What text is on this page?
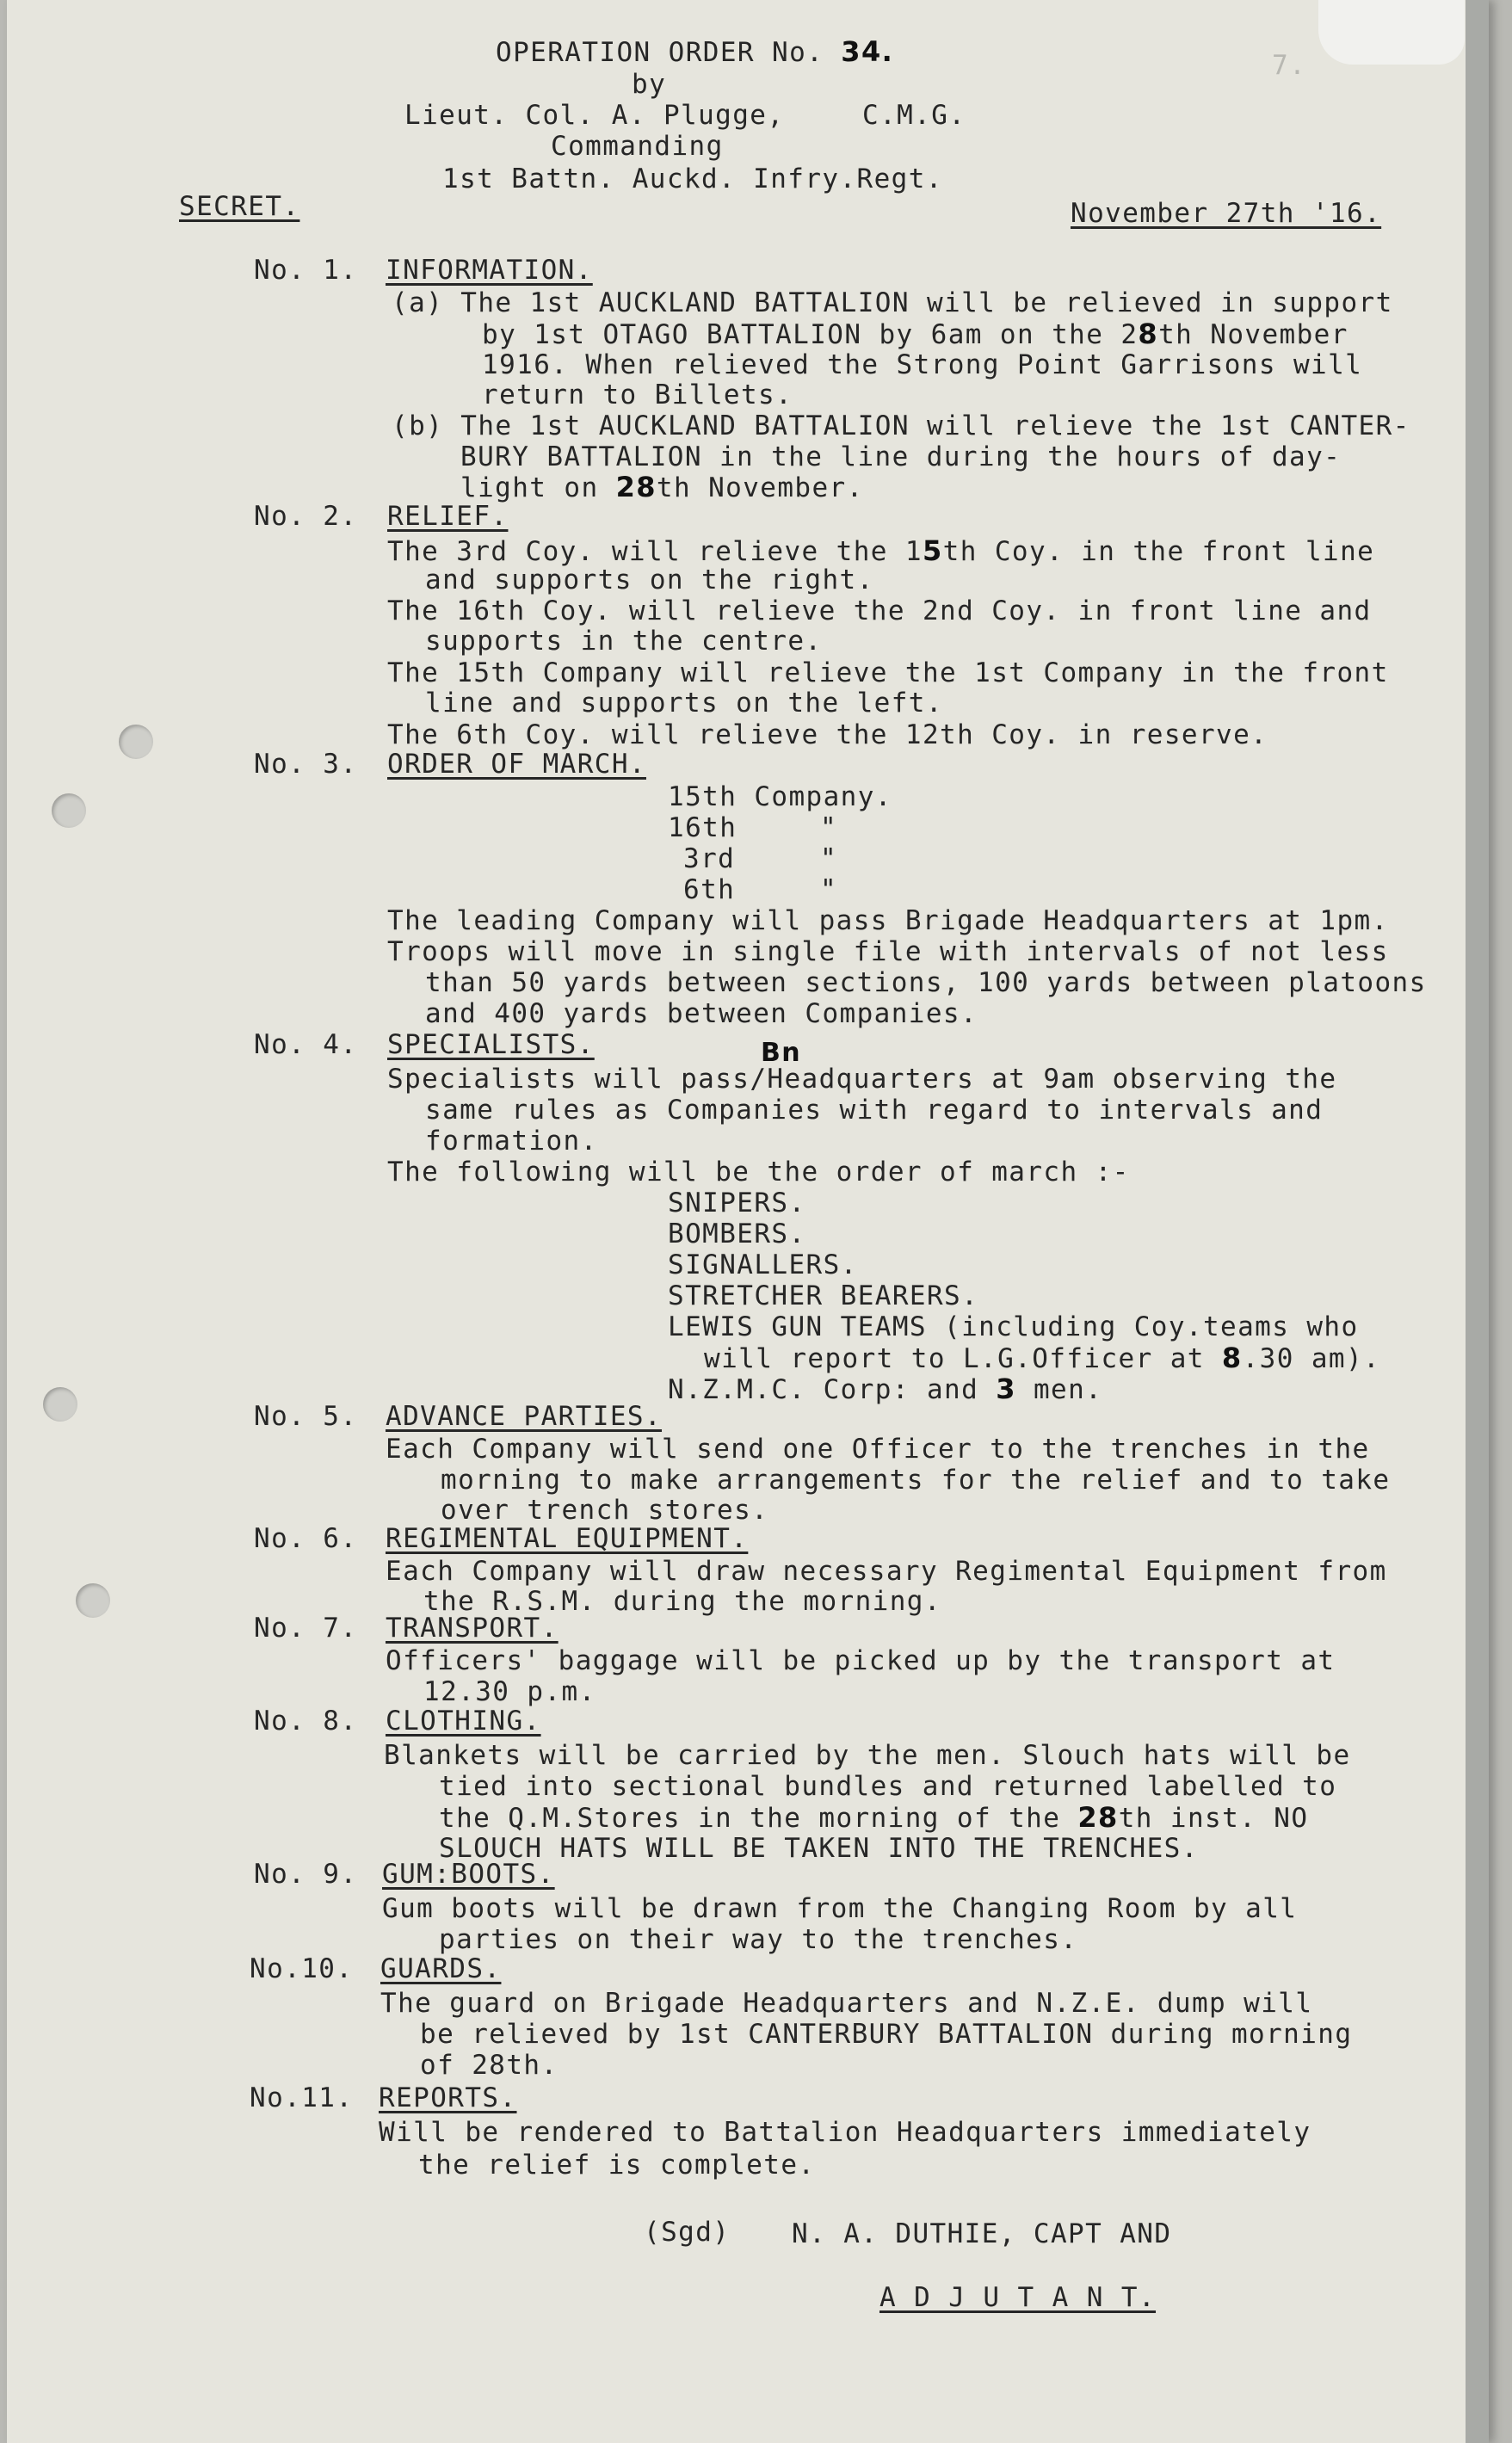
7.
OPERATION ORDER No. 34.
by
Lieut. Col. A. Plugge,	C.M.G.
Commanding
1st Battn. Auckd. Infry.Regt.
SECRET.	November 27th '16.
No. 1. INFORMATION.
(a) The 1st AUCKLAND BATTALION will be relieved in support
by 1st OTAGO BATTALION by 6am on the 28th November
1916. When relieved the Strong Point Garrisons will
return to Billets.
(b) The 1st AUCKLAND BATTALION will relieve the 1st CANTER-
BURY BATTALION in the line during the hours of day-
light on 28th November.
No. 2. RELIEF.
The 3rd Coy. will relieve the 15th Coy. in the front line
and supports on the right.
The 16th Coy. will relieve the 2nd Coy. in front line and
supports in the centre.
The 15th Company will relieve the 1st Company in the front
line and supports on the left.
The 6th Coy. will relieve the 12th Coy. in reserve.
No. 3. ORDER OF MARCH.
15th Company.
16th	"
3rd	"
6th	"
The leading Company will pass Brigade Headquarters at 1pm.
Troops will move in single file with intervals of not less
than 50 yards between sections, 100 yards between platoons
and 400 yards between Companies.
No. 4. SPECIALISTS.	Bn
Specialists will pass/Headquarters at 9am observing the
same rules as Companies with regard to intervals and
formation.
The following will be the order of march :-
SNIPERS.
BOMBERS.
SIGNALLERS.
STRETCHER BEARERS.
LEWIS GUN TEAMS (including Coy.teams who
will report to L.G.Officer at 8.30 am).
N.Z.M.C. Corp: and 3 men.
No. 5. ADVANCE PARTIES.
Each Company will send one Officer to the trenches in the
morning to make arrangements for the relief and to take
over trench stores.
No. 6. REGIMENTAL EQUIPMENT.
Each Company will draw necessary Regimental Equipment from
the R.S.M. during the morning.
No. 7. TRANSPORT.
Officers' baggage will be picked up by the transport at
12.30 p.m.
No. 8. CLOTHING.
Blankets will be carried by the men. Slouch hats will be
tied into sectional bundles and returned labelled to
the Q.M.Stores in the morning of the 28th inst. NO
SLOUCH HATS WILL BE TAKEN INTO THE TRENCHES.
No. 9. GUM:BOOTS.
Gum boots will be drawn from the Changing Room by all
parties on their way to the trenches.
No.10. GUARDS.
The guard on Brigade Headquarters and N.Z.E. dump will
be relieved by 1st CANTERBURY BATTALION during morning
of 28th.
No.11. REPORTS.
Will be rendered to Battalion Headquarters immediately
the relief is complete.
(Sgd) N. A. DUTHIE, CAPT AND
A D J U T A N T.
